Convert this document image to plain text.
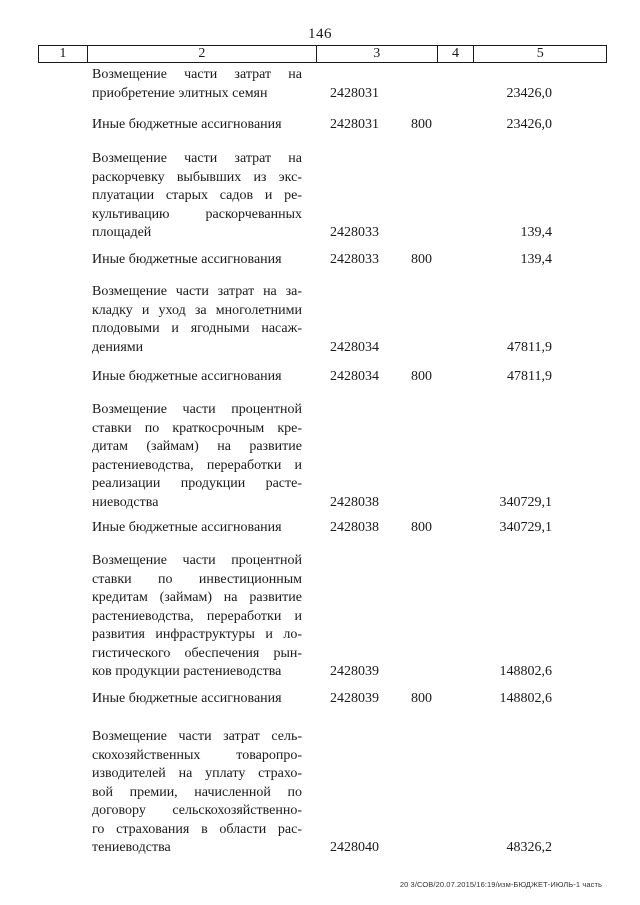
146
1	2	3	4	5
Возмещение части затрат на
приобретение элитных семян	2428031	23426,0
Иные бюджетные ассигнования	2428031 800	23426,0
Возмещение части затрат на
раскорчевку выбывших из экс-
плуатации старых садов и ре-
культивацию раскорчеванных
площадей	2428033	139,4
Иные бюджетные ассигнования	2428033 800	139,4
Возмещение части затрат на за-
кладку и уход за многолетними
плодовыми и ягодными насаж-
дениями	2428034	47811,9
Иные бюджетные ассигнования	2428034 800	47811,9
Возмещение части процентной
ставки по краткосрочным кре-
дитам (займам) на развитие
растениеводства, переработки и
реализации продукции расте-
ниеводства	2428038	340729,1
Иные бюджетные ассигнования	2428038 800	340729,1
Возмещение части процентной
ставки по инвестиционным
кредитам (займам) на развитие
растениеводства, переработки и
развития инфраструктуры и ло-
гистического обеспечения рын-
ков продукции растениеводства	2428039	148802,6
Иные бюджетные ассигнования	2428039 800	148802,6
Возмещение части затрат сель-
скохозяйственных товаропро-
изводителей на уплату страхо-
вой премии, начисленной по
договору сельскохозяйственно-
го страхования в области рас-
тениеводства	2428040	48326,2
20 3/СОВ/20.07.2015/16:19/изм-БЮДЖЕТ-ИЮЛЬ-1 часть
